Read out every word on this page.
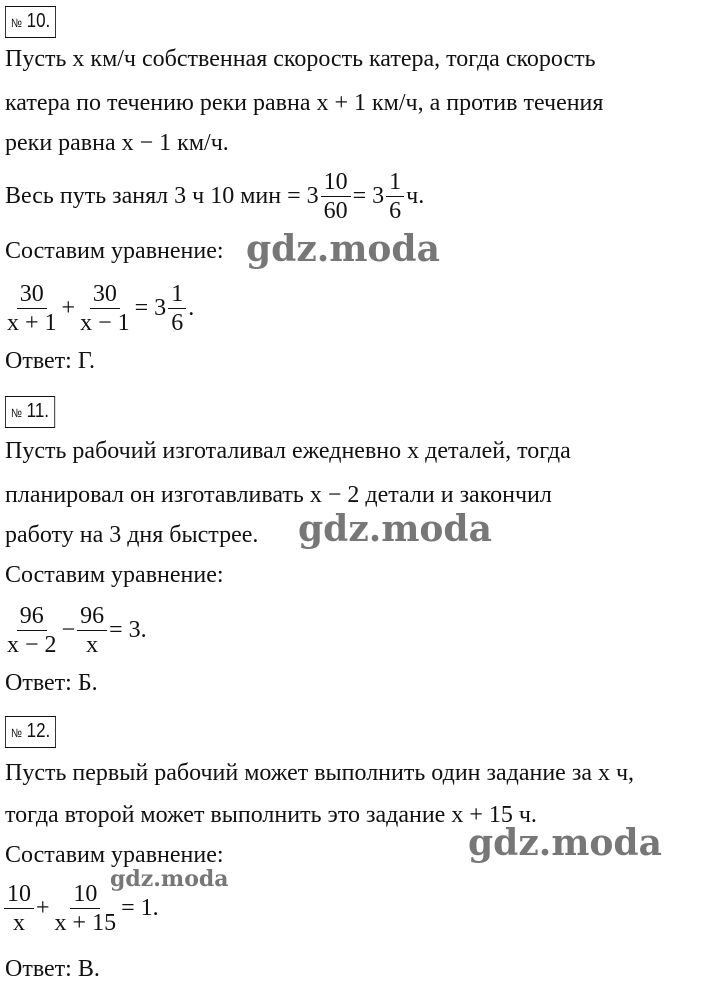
№ 10.
Пусть x км/ч собственная скорость катера, тогда скорость
катера по течению реки равна x + 1 км/ч, а против течения
реки равна x − 1 км/ч.
Весь путь занял 3 ч 10 мин = $3 \frac{10}{60} = 3 \frac{1}{6} ч$.
Составим уравнение: gdz.moda
$\frac{30}{x + 1} + \frac{30}{x - 1} = 3 \frac{1}{6}$ .
Ответ: Г.
№ 11.
Пусть рабочий изготаливал ежедневно x деталей, тогда
планировал он изготавливать x − 2 детали и закончил
работу на 3 дня быстрее. gdz.moda
Составим уравнение:
$\frac{96}{x - 2} - \frac{96}{x} = 3$.
Ответ: Б.
№ 12.
Пусть первый рабочий может выполнить один задание за x ч,
тогда второй может выполнить это задание x + 15 ч.
Составим уравнение:	gdz.moda
gdz.moda
$\frac{10}{x} + \frac{10}{x + 15} = 1$.
Ответ: В.
